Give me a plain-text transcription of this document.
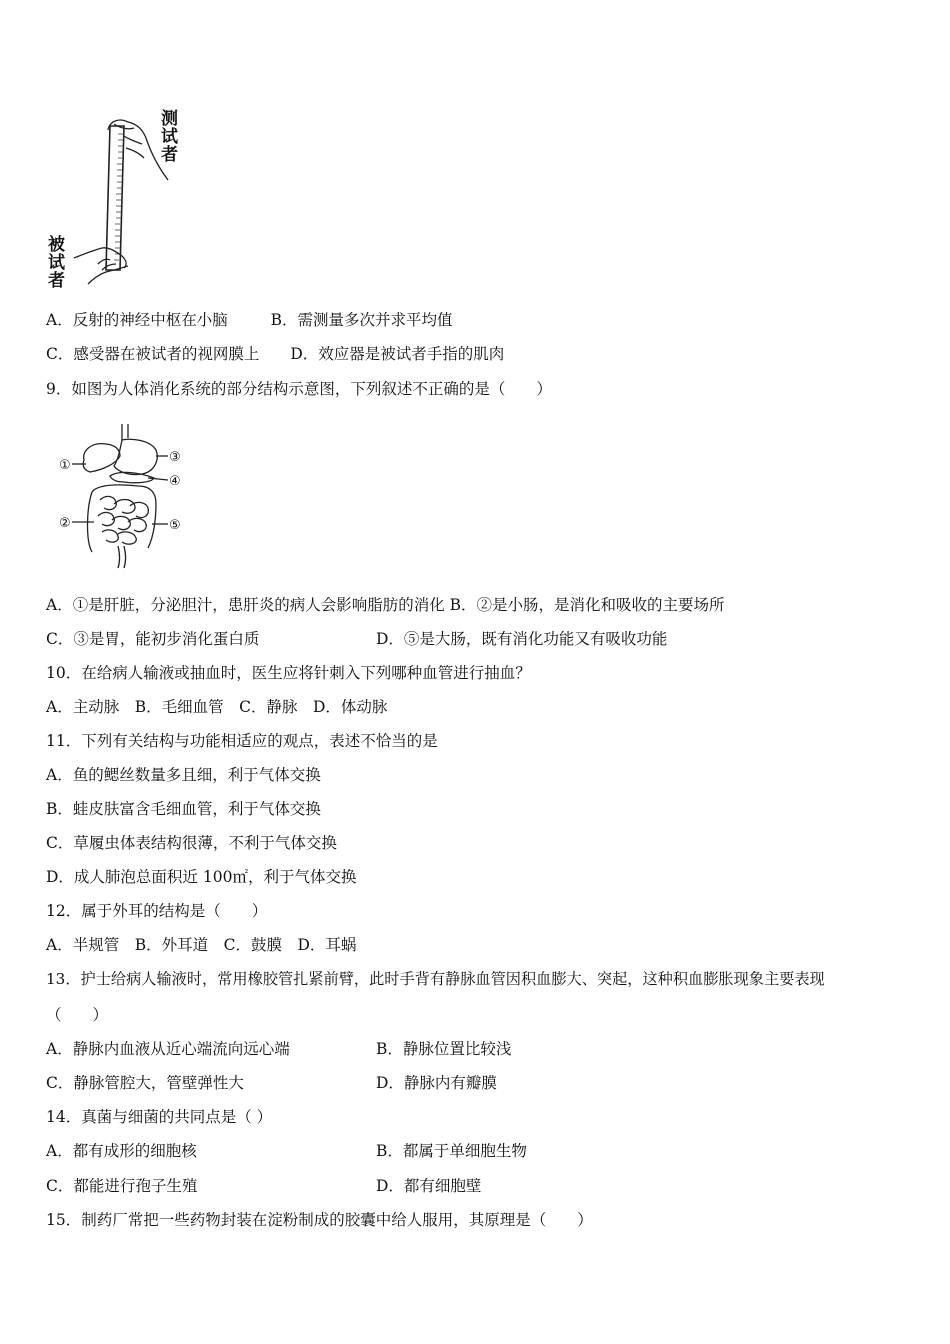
测试者
被试者
A．反射的神经中枢在小脑	B．需测量多次并求平均值
C．感受器在被试者的视网膜上 D．效应器是被试者手指的肌肉
9．如图为人体消化系统的部分结构示意图，下列叙述不正确的是（　　）
①
②
③
④
⑤
A．①是肝脏，分泌胆汁，患肝炎的病人会影响脂肪的消化 B．②是小肠，是消化和吸收的主要场所
C．③是胃，能初步消化蛋白质	D．⑤是大肠，既有消化功能又有吸收功能
10．在给病人输液或抽血时，医生应将针刺入下列哪种血管进行抽血？
A．主动脉　B．毛细血管　C．静脉　D．体动脉
11．下列有关结构与功能相适应的观点，表述不恰当的是
A．鱼的鳃丝数量多且细，利于气体交换
B．蛙皮肤富含毛细血管，利于气体交换
C．草履虫体表结构很薄，不利于气体交换
D．成人肺泡总面积近 100㎡，利于气体交换
12．属于外耳的结构是（　　）
A．半规管　B．外耳道　C．鼓膜　D．耳蜗
13．护士给病人输液时，常用橡胶管扎紧前臂，此时手背有静脉血管因积血膨大、突起，这种积血膨胀现象主要表现
（　　）
A．静脉内血液从近心端流向远心端	B．静脉位置比较浅
C．静脉管腔大，管壁弹性大	D．静脉内有瓣膜
14．真菌与细菌的共同点是（ ）
A．都有成形的细胞核	B．都属于单细胞生物
C．都能进行孢子生殖	D．都有细胞壁
15．制药厂常把一些药物封装在淀粉制成的胶囊中给人服用，其原理是（　　）
